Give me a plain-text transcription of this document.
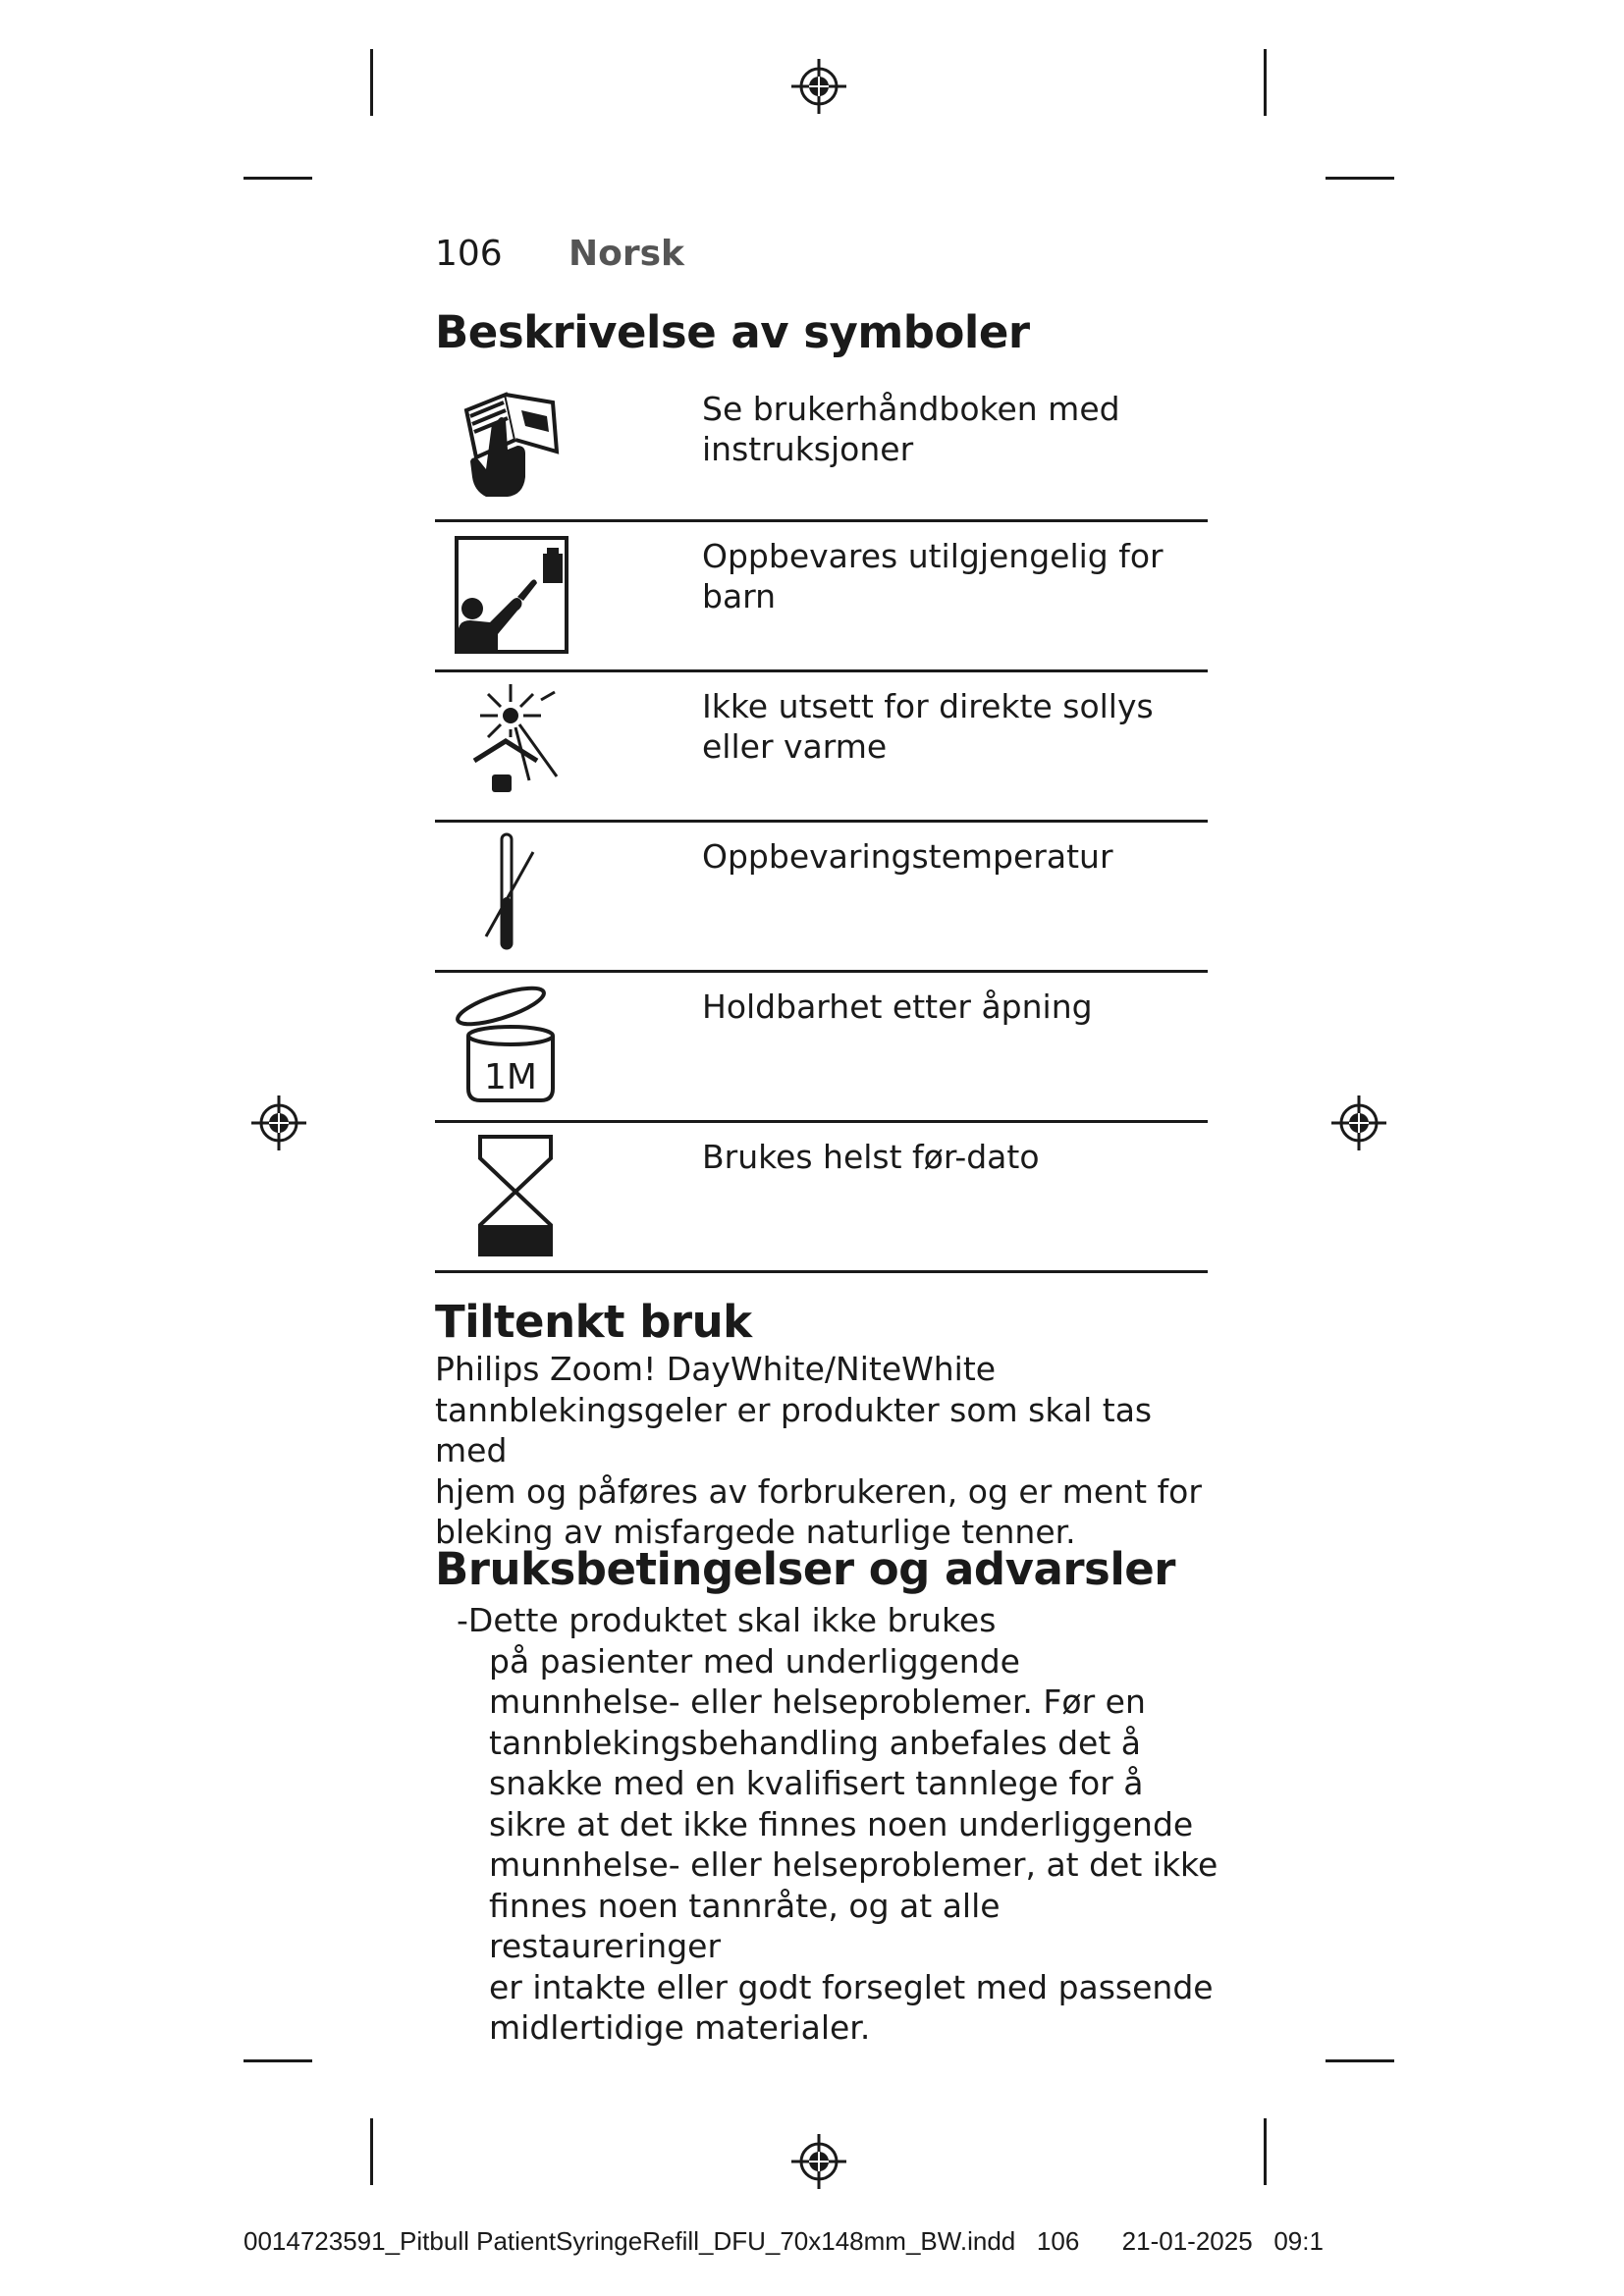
106 Norsk
Beskrivelse av symboler
Se brukerhåndboken med instruksjoner
Oppbevares utilgjengelig for barn
Ikke utsett for direkte sollys eller varme
Oppbevaringstemperatur
1M
Holdbarhet etter åpning
Brukes helst før-dato
Tiltenkt bruk
Philips Zoom! DayWhite/NiteWhite
tannblekingsgeler er produkter som skal tas med
hjem og påføres av forbrukeren, og er ment for
bleking av misfargede naturlige tenner.
Bruksbetingelser og advarsler
-Dette produktet skal ikke brukes
på pasienter med underliggende
munnhelse- eller helseproblemer. Før en
tannblekingsbehandling anbefales det å
snakke med en kvalifisert tannlege for å
sikre at det ikke finnes noen underliggende
munnhelse- eller helseproblemer, at det ikke
finnes noen tannråte, og at alle restaureringer
er intakte eller godt forseglet med passende
midlertidige materialer.
0014723591_Pitbull PatientSyringeRefill_DFU_70x148mm_BW.indd 106 21-01-2025 09:1
